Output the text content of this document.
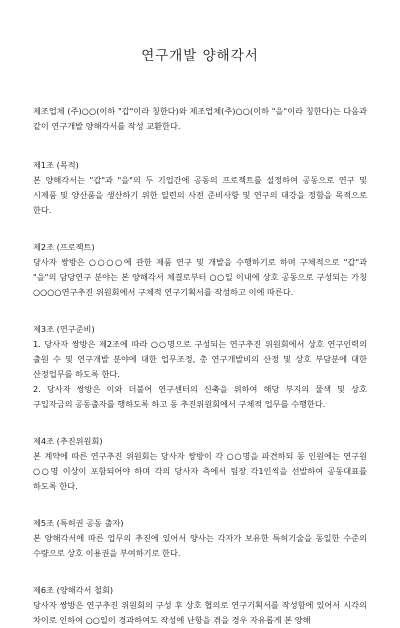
연구개발 양해각서

제조업체 (주)○○(이하 "갑"이라 칭한다)와 제조업체(주)○○(이하 "을"이라 칭한다)는 다음과 같이 연구개발 양해각서를 작성 교환한다.

제1조 (목적)

본 양해각서는 "갑"과 "을"의 두 기업간에 공동의 프로젝트를 설정하여 공동으로 연구 및 시제품 및 양산품을 생산하기 위한 일련의 사전 준비사항 및 연구의 대강을 정함을 목적으로 한다.

제2조 (프로젝트)

당사자 쌍방은 ○○○○에 관한 제품 연구 및 개발을 수행하기로 하며 구체적으로 "갑"과 "을"의 담당연구 분야는 본 양해각서 체결로부터 ○○일 이내에 상호 공동으로 구성되는 가칭 ○○○○연구추진 위원회에서 구체적 연구기획서를 작성하고 이에 따른다.

제3조 (연구준비)

1. 당사자 쌍방은 제2조에 따라 ○○명으로 구성되는 연구추진 위원회에서 상호 연구인력의 출원 수 및 연구개발 분야에 대한 업무조정, 총 연구개발비의 산정 및 상호 부담분에 대한 산정업무를 하도록 한다.
2. 당사자 쌍방은 이와 더불어 연구센터의 신축을 위하여 해당 부지의 물색 및 상호 구입자금의 공동출자를 행하도록 하고 동 추진위원회에서 구체적 업무를 수행한다.

제4조 (추진위원회)

본 계약에 따른 연구추진 위원회는 당사자 쌍방이 각 ○○명을 파견하되 동 인원에는 연구원 ○○명 이상이 포함되어야 하며 각의 당사자 측에서 팀장 각1인씩을 선발하여 공동대표를 하도록 한다.

제5조 (특허권 공동 출자)

본 양해각서에 따른 업무의 추진에 있어서 양사는 각자가 보유한 특허기술을 동일한 수준의 수량으로 상호 이용권을 부여하기로 한다.

제6조 (양해각서 철회)

당사자 쌍방은 연구추진 위원회의 구성 후 상호 협의로 연구기획서를 작성함에 있어서 시각의 차이로 인하여 ○○일이 경과하여도 작성에 난항을 겪을 경우 자유롭게 본 양해
